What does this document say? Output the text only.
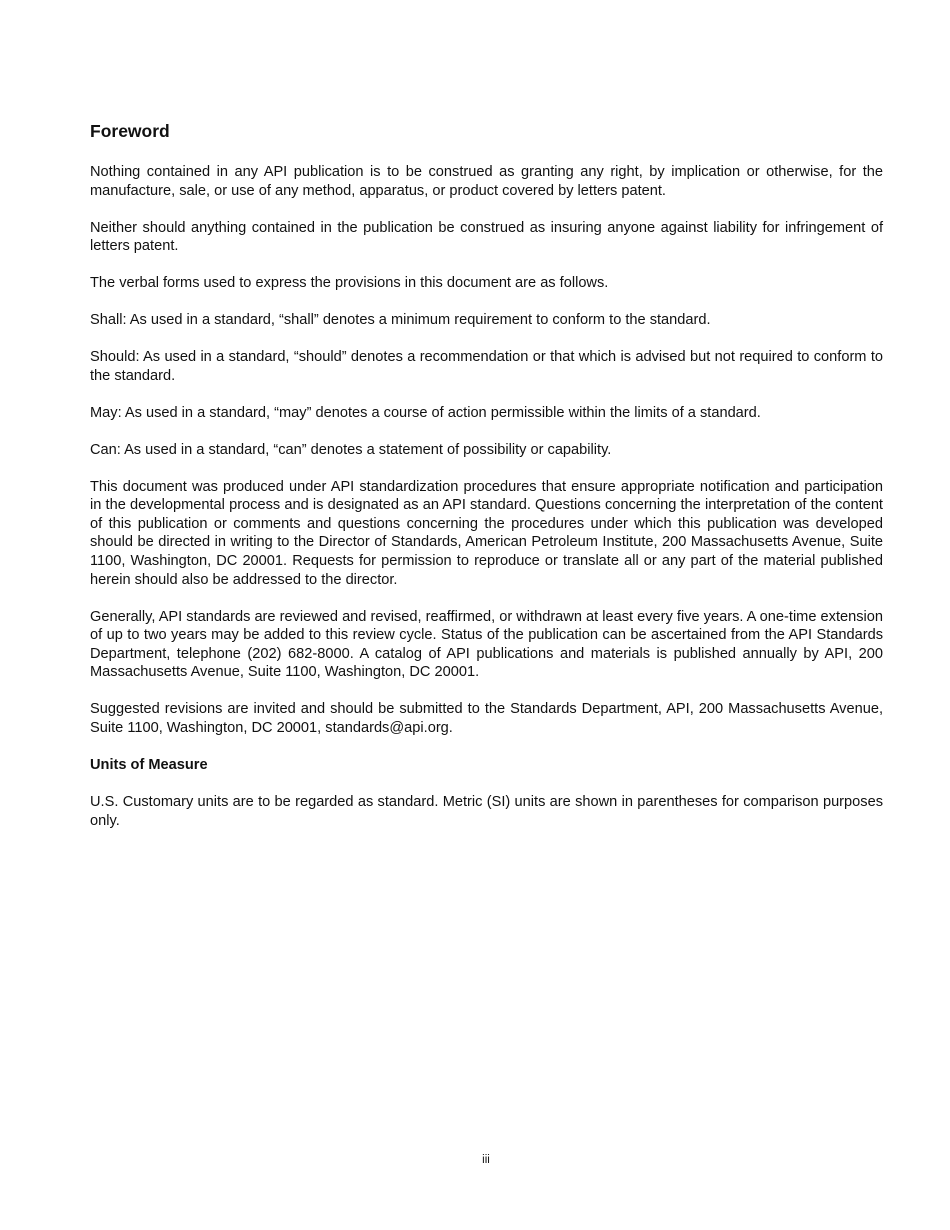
Foreword

Nothing contained in any API publication is to be construed as granting any right, by implication or otherwise, for the manufacture, sale, or use of any method, apparatus, or product covered by letters patent.

Neither should anything contained in the publication be construed as insuring anyone against liability for infringement of letters patent.

The verbal forms used to express the provisions in this document are as follows.

Shall: As used in a standard, “shall” denotes a minimum requirement to conform to the standard.

Should: As used in a standard, “should” denotes a recommendation or that which is advised but not required to conform to the standard.

May: As used in a standard, “may” denotes a course of action permissible within the limits of a standard.

Can: As used in a standard, “can” denotes a statement of possibility or capability.

This document was produced under API standardization procedures that ensure appropriate notification and participation in the developmental process and is designated as an API standard. Questions concerning the interpretation of the content of this publication or comments and questions concerning the procedures under which this publication was developed should be directed in writing to the Director of Standards, American Petroleum Institute, 200 Massachusetts Avenue, Suite 1100, Washington, DC 20001. Requests for permission to reproduce or translate all or any part of the material published herein should also be addressed to the director.

Generally, API standards are reviewed and revised, reaffirmed, or withdrawn at least every five years. A one-time extension of up to two years may be added to this review cycle. Status of the publication can be ascertained from the API Standards Department, telephone (202) 682-8000. A catalog of API publications and materials is published annually by API, 200 Massachusetts Avenue, Suite 1100, Washington, DC 20001.

Suggested revisions are invited and should be submitted to the Standards Department, API, 200 Massachusetts Avenue, Suite 1100, Washington, DC 20001, standards@api.org.

Units of Measure

U.S. Customary units are to be regarded as standard. Metric (SI) units are shown in parentheses for comparison purposes only.

iii
